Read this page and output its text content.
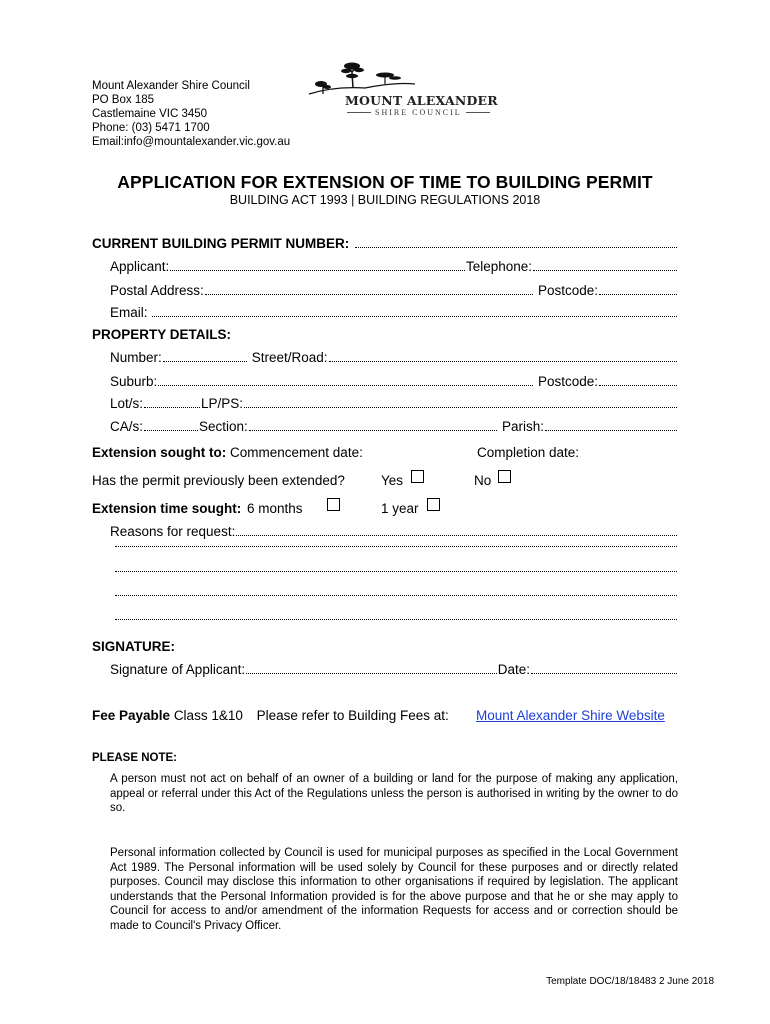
Mount Alexander Shire Council
PO Box 185
Castlemaine VIC 3450
Phone: (03) 5471 1700
Email:info@mountalexander.vic.gov.au
MOUNT ALEXANDER
SHIRE COUNCIL
APPLICATION FOR EXTENSION OF TIME TO BUILDING PERMIT
BUILDING ACT 1993 | BUILDING REGULATIONS 2018
CURRENT BUILDING PERMIT NUMBER:
Applicant:	Telephone:
Postal Address:	Postcode:
Email:
PROPERTY DETAILS:
Number:	Street/Road:
Suburb:	Postcode:
Lot/s:	LP/PS:
CA/s:	Section:	Parish:
Extension sought to: Commencement date:	Completion date:
Has the permit previously been extended?	Yes	No
Extension time sought: 6 months	1 year
Reasons for request:
SIGNATURE:
Signature of Applicant:	Date:
Fee Payable Class 1&10 Please refer to Building Fees at: Mount Alexander Shire Website
PLEASE NOTE:
A person must not act on behalf of an owner of a building or land for the purpose of making any application, appeal or referral under this Act of the Regulations unless the person is authorised in writing by the owner to do so.
Personal information collected by Council is used for municipal purposes as specified in the Local Government Act 1989. The Personal information will be used solely by Council for these purposes and or directly related purposes. Council may disclose this information to other organisations if required by legislation. The applicant understands that the Personal Information provided is for the above purpose and that he or she may apply to Council for access to and/or amendment of the information Requests for access and or correction should be made to Council's Privacy Officer.
Template DOC/18/18483 2 June 2018
